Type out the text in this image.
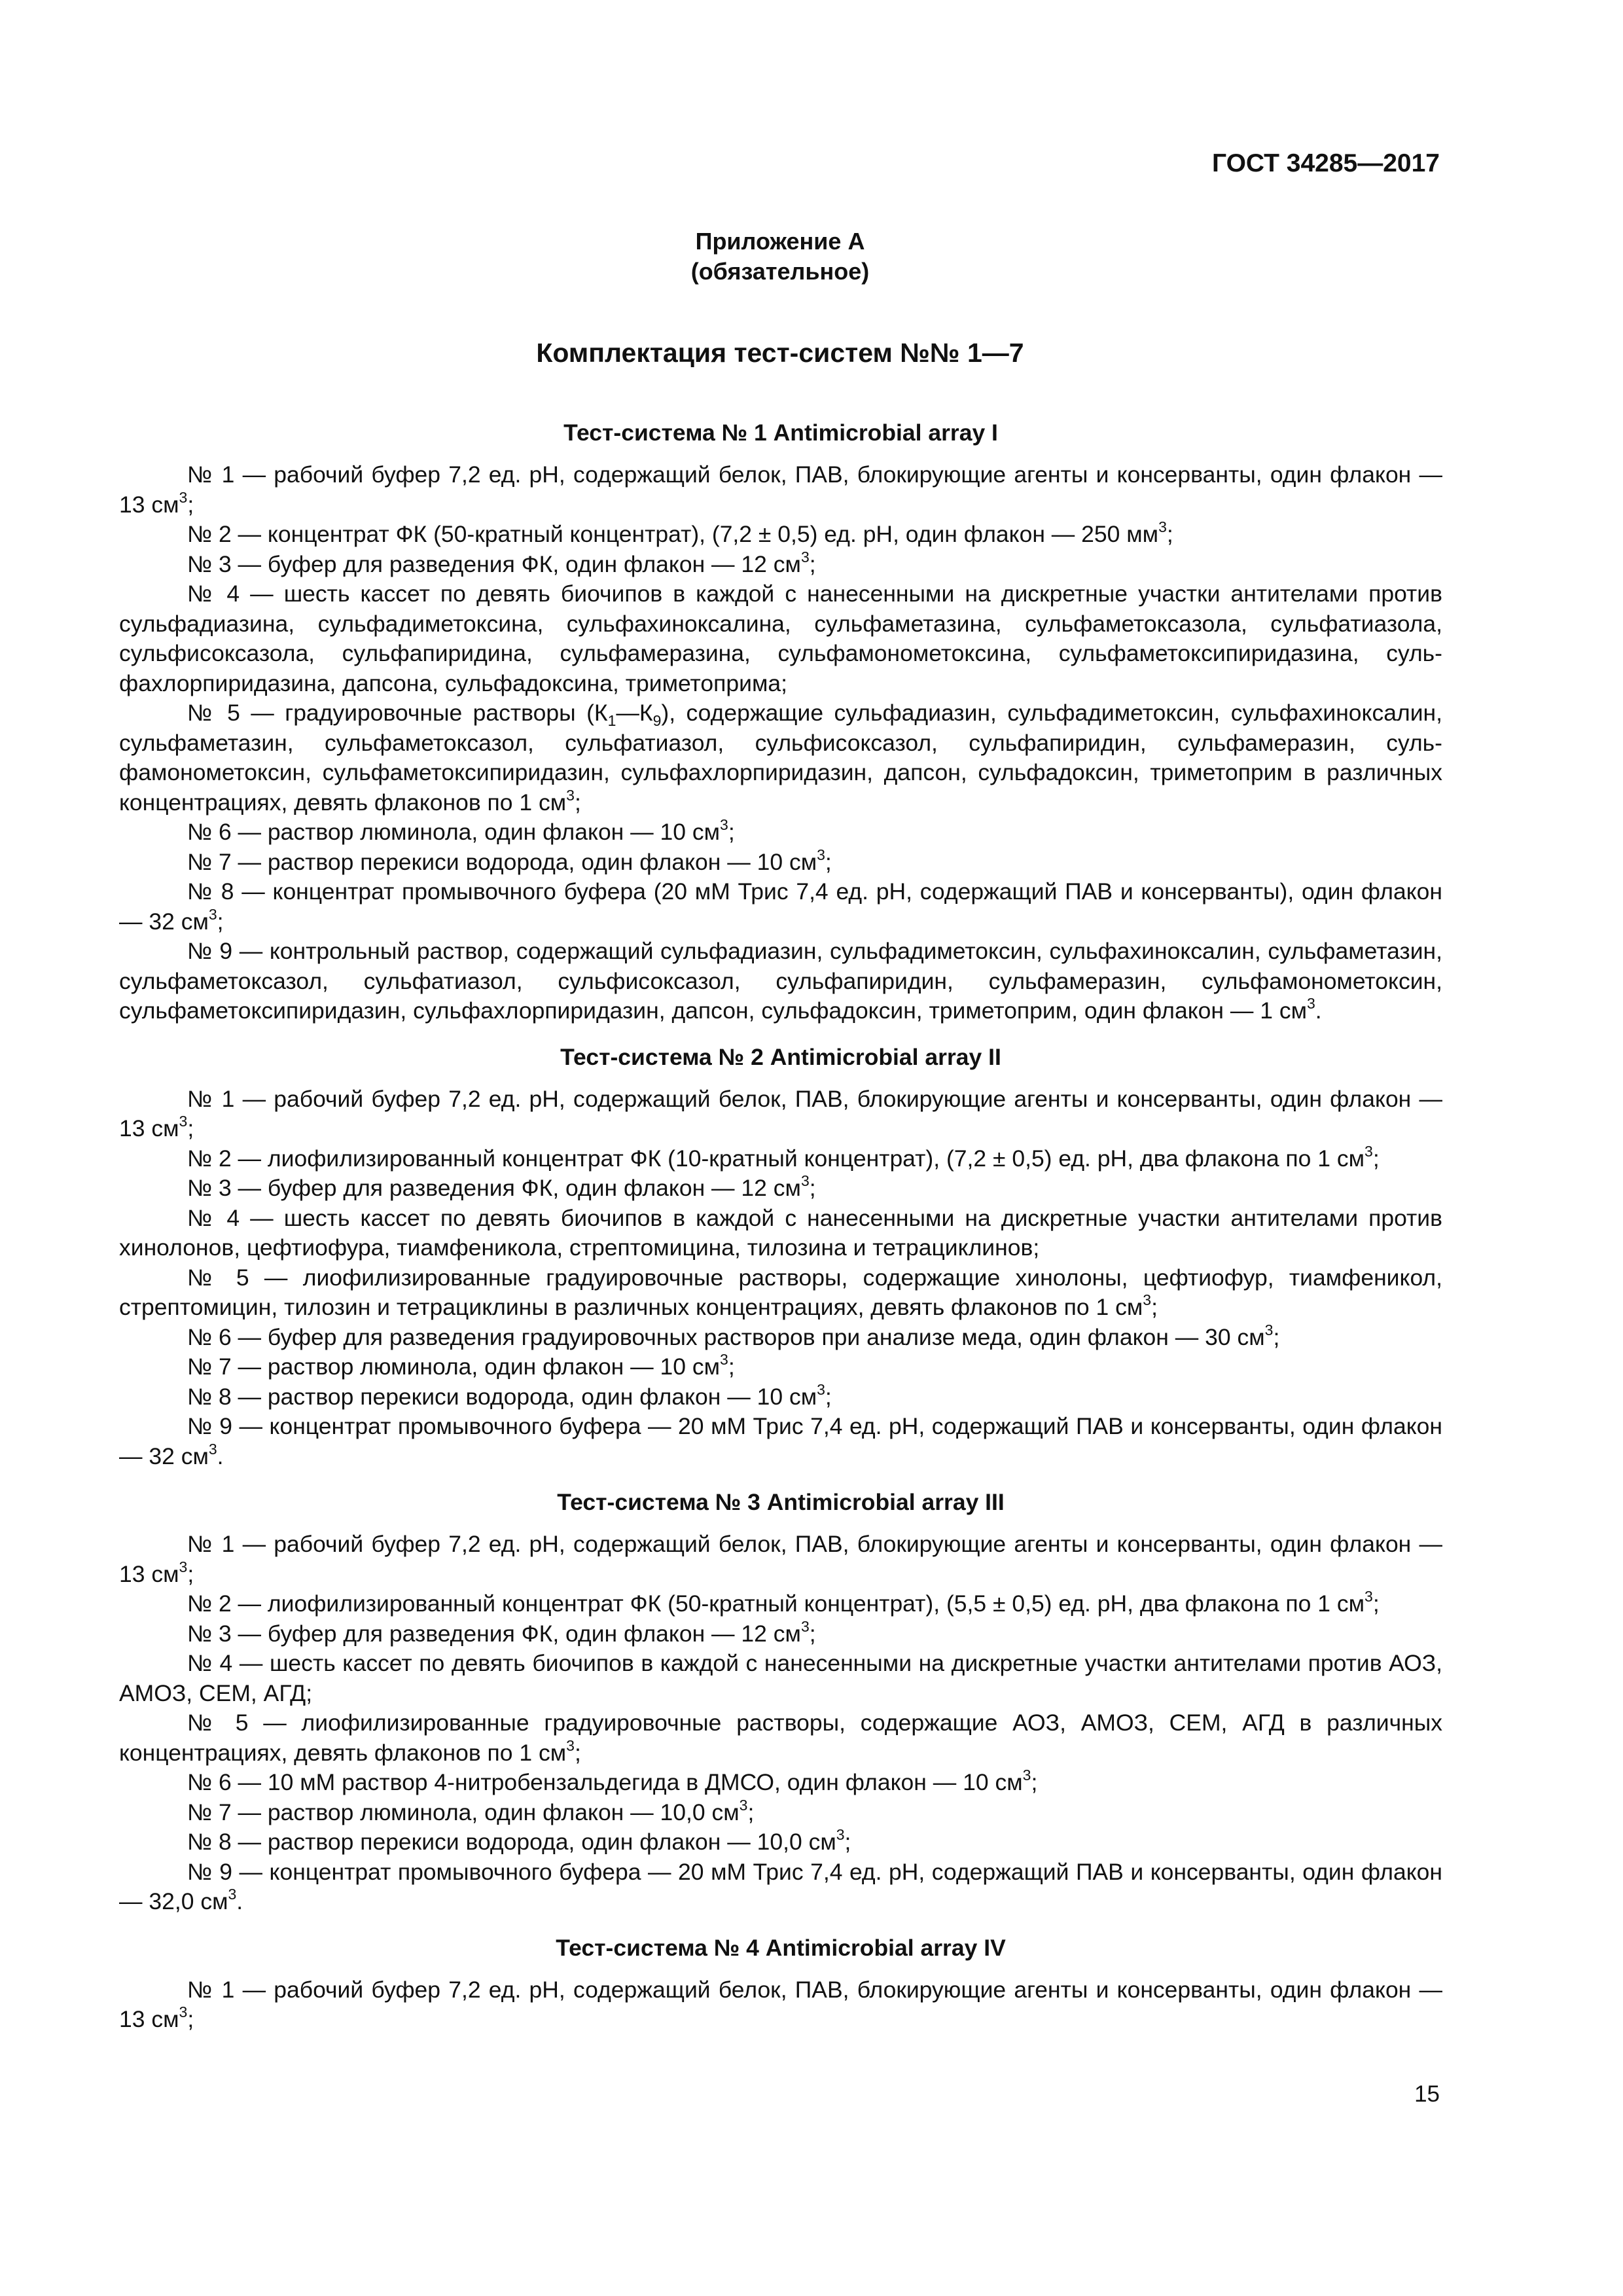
ГОСТ 34285—2017

Приложение А
(обязательное)
Комплектация тест-систем №№ 1—7
Тест-система № 1 Antimicrobial array I

№ 1 — рабочий буфер 7,2 ед. pH, содержащий белок, ПАВ, блокирующие агенты и консерванты, один флакон — 13 $см^3$;

№ 2 — концентрат ФК (50-кратный концентрат), (7,2 ± 0,5) ед. pH, один флакон — 250 $мм^3$;

№ 3 — буфер для разведения ФК, один флакон — 12 $см^3$;

№ 4 — шесть кассет по девять биочипов в каждой с нанесенными на дискретные участки антителами против сульфадиазина, сульфадиметоксина, сульфахиноксалина, сульфаметазина, сульфаметоксазола, сульфатиазола, сульфисоксазола, сульфапиридина, сульфамеразина, сульфамонометоксина, сульфаметоксипиридазина, сульфахлорпиридазина, дапсона, сульфадоксина, триметоприма;

№ 5 — градуировочные растворы $(К_1—К_9)$, содержащие сульфадиазин, сульфадиметоксин, сульфахиноксалин, сульфаметазин, сульфаметоксазол, сульфатиазол, сульфисоксазол, сульфапиридин, сульфамеразин, сульфамонометоксин, сульфаметоксипиридазин, сульфахлорпиридазин, дапсон, сульфадоксин, триметоприм в различных концентрациях, девять флаконов по 1 $см^3$;

№ 6 — раствор люминола, один флакон — 10 $см^3$;

№ 7 — раствор перекиси водорода, один флакон — 10 $см^3$;

№ 8 — концентрат промывочного буфера (20 мМ Трис 7,4 ед. pH, содержащий ПАВ и консерванты), один флакон — 32 $см^3$;

№ 9 — контрольный раствор, содержащий сульфадиазин, сульфадиметоксин, сульфахиноксалин, сульфаметазин, сульфаметоксазол, сульфатиазол, сульфисоксазол, сульфапиридин, сульфамеразин, сульфамонометоксин, сульфаметоксипиридазин, сульфахлорпиридазин, дапсон, сульфадоксин, триметоприм, один флакон — 1 $см^3$.

Тест-система № 2 Antimicrobial array II

№ 1 — рабочий буфер 7,2 ед. pH, содержащий белок, ПАВ, блокирующие агенты и консерванты, один флакон — 13 $см^3$;

№ 2 — лиофилизированный концентрат ФК (10-кратный концентрат), (7,2 ± 0,5) ед. pH, два флакона по 1 $см^3$;

№ 3 — буфер для разведения ФК, один флакон — 12 $см^3$;

№ 4 — шесть кассет по девять биочипов в каждой с нанесенными на дискретные участки антителами против хинолонов, цефтиофура, тиамфеникола, стрептомицина, тилозина и тетрациклинов;

№ 5 — лиофилизированные градуировочные растворы, содержащие хинолоны, цефтиофур, тиамфеникол, стрептомицин, тилозин и тетрациклины в различных концентрациях, девять флаконов по 1 $см^3$;

№ 6 — буфер для разведения градуировочных растворов при анализе меда, один флакон — 30 $см^3$;

№ 7 — раствор люминола, один флакон — 10 $см^3$;

№ 8 — раствор перекиси водорода, один флакон — 10 $см^3$;

№ 9 — концентрат промывочного буфера — 20 мМ Трис 7,4 ед. pH, содержащий ПАВ и консерванты, один флакон — 32 $см^3$.

Тест-система № 3 Antimicrobial array III

№ 1 — рабочий буфер 7,2 ед. pH, содержащий белок, ПАВ, блокирующие агенты и консерванты, один флакон — 13 $см^3$;

№ 2 — лиофилизированный концентрат ФК (50-кратный концентрат), (5,5 ± 0,5) ед. pH, два флакона по 1 $см^3$;

№ 3 — буфер для разведения ФК, один флакон — 12 $см^3$;

№ 4 — шесть кассет по девять биочипов в каждой с нанесенными на дискретные участки антителами против АОЗ, АМОЗ, СЕМ, АГД;

№ 5 — лиофилизированные градуировочные растворы, содержащие АОЗ, АМОЗ, СЕМ, АГД в различных концентрациях, девять флаконов по 1 $см^3$;

№ 6 — 10 мМ раствор 4-нитробензальдегида в ДМСО, один флакон — 10 $см^3$;

№ 7 — раствор люминола, один флакон — 10,0 $см^3$;

№ 8 — раствор перекиси водорода, один флакон — 10,0 $см^3$;

№ 9 — концентрат промывочного буфера — 20 мМ Трис 7,4 ед. pH, содержащий ПАВ и консерванты, один флакон — 32,0 $см^3$.

Тест-система № 4 Antimicrobial array IV

№ 1 — рабочий буфер 7,2 ед. pH, содержащий белок, ПАВ, блокирующие агенты и консерванты, один флакон — 13 $см^3$;

15
